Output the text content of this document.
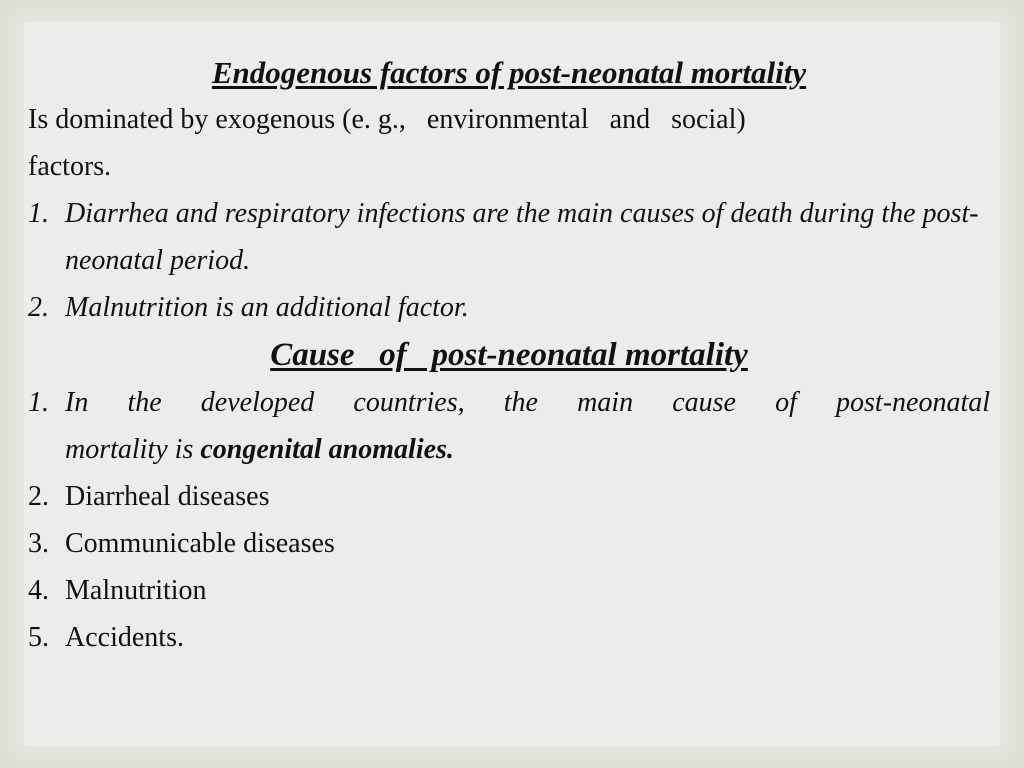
Endogenous factors of post-neonatal mortality

Is dominated by exogenous (e. g.,   environmental   and   social)

factors.

1. Diarrhea and respiratory infections are the main causes of death during the post-neonatal period.
2. Malnutrition is an additional factor.
Cause   of   post-neonatal mortality
1. In the developed countries, the main cause of post-neonatal
mortality is congenital anomalies.
2. Diarrheal diseases
3. Communicable diseases
4. Malnutrition
5. Accidents.
